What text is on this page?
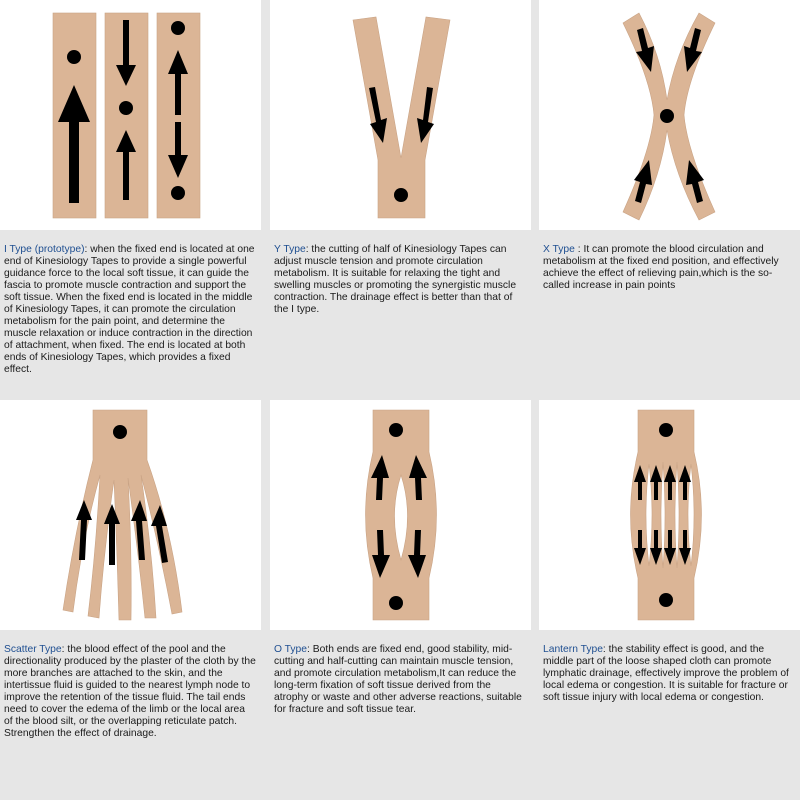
I Type (prototype): when the fixed end is located at one end of Kinesiology Tapes to provide a single powerful guidance force to the local soft tissue, it can guide the fascia to promote muscle contraction and support the soft tissue. When the fixed end is located in the middle of Kinesiology Tapes, it can promote the circulation metabolism for the pain point, and determine the muscle relaxation or induce contraction in the direction of attachment, when fixed. The end is located at both ends of Kinesiology Tapes, which provides a fixed effect.
Y Type: the cutting of half of Kinesiology Tapes can adjust muscle tension and promote circulation metabolism. It is suitable for relaxing the tight and swelling muscles or promoting the synergistic muscle contraction. The drainage effect is better than that of the I type.
X Type : It can promote the blood circulation and metabolism at the fixed end position, and effectively achieve the effect of relieving pain,which is the so-called increase in pain points
Scatter Type: the blood effect of the pool and the directionality produced by the plaster of the cloth by the more branches are attached to the skin, and the intertissue fluid is guided to the nearest lymph node to improve the retention of the tissue fluid. The tail ends need to cover the edema of the limb or the local area of the blood silt, or the overlapping reticulate patch. Strengthen the effect of drainage.
O Type: Both ends are fixed end, good stability, mid-cutting and half-cutting can maintain muscle tension, and promote circulation metabolism,It can reduce the long-term fixation of soft tissue derived from the atrophy or waste and other adverse reactions, suitable for fracture and soft tissue tear.
Lantern Type: the stability effect is good, and the middle part of the loose shaped cloth can promote lymphatic drainage, effectively improve the problem of local edema or congestion. It is suitable for fracture or soft tissue injury with local edema or congestion.
